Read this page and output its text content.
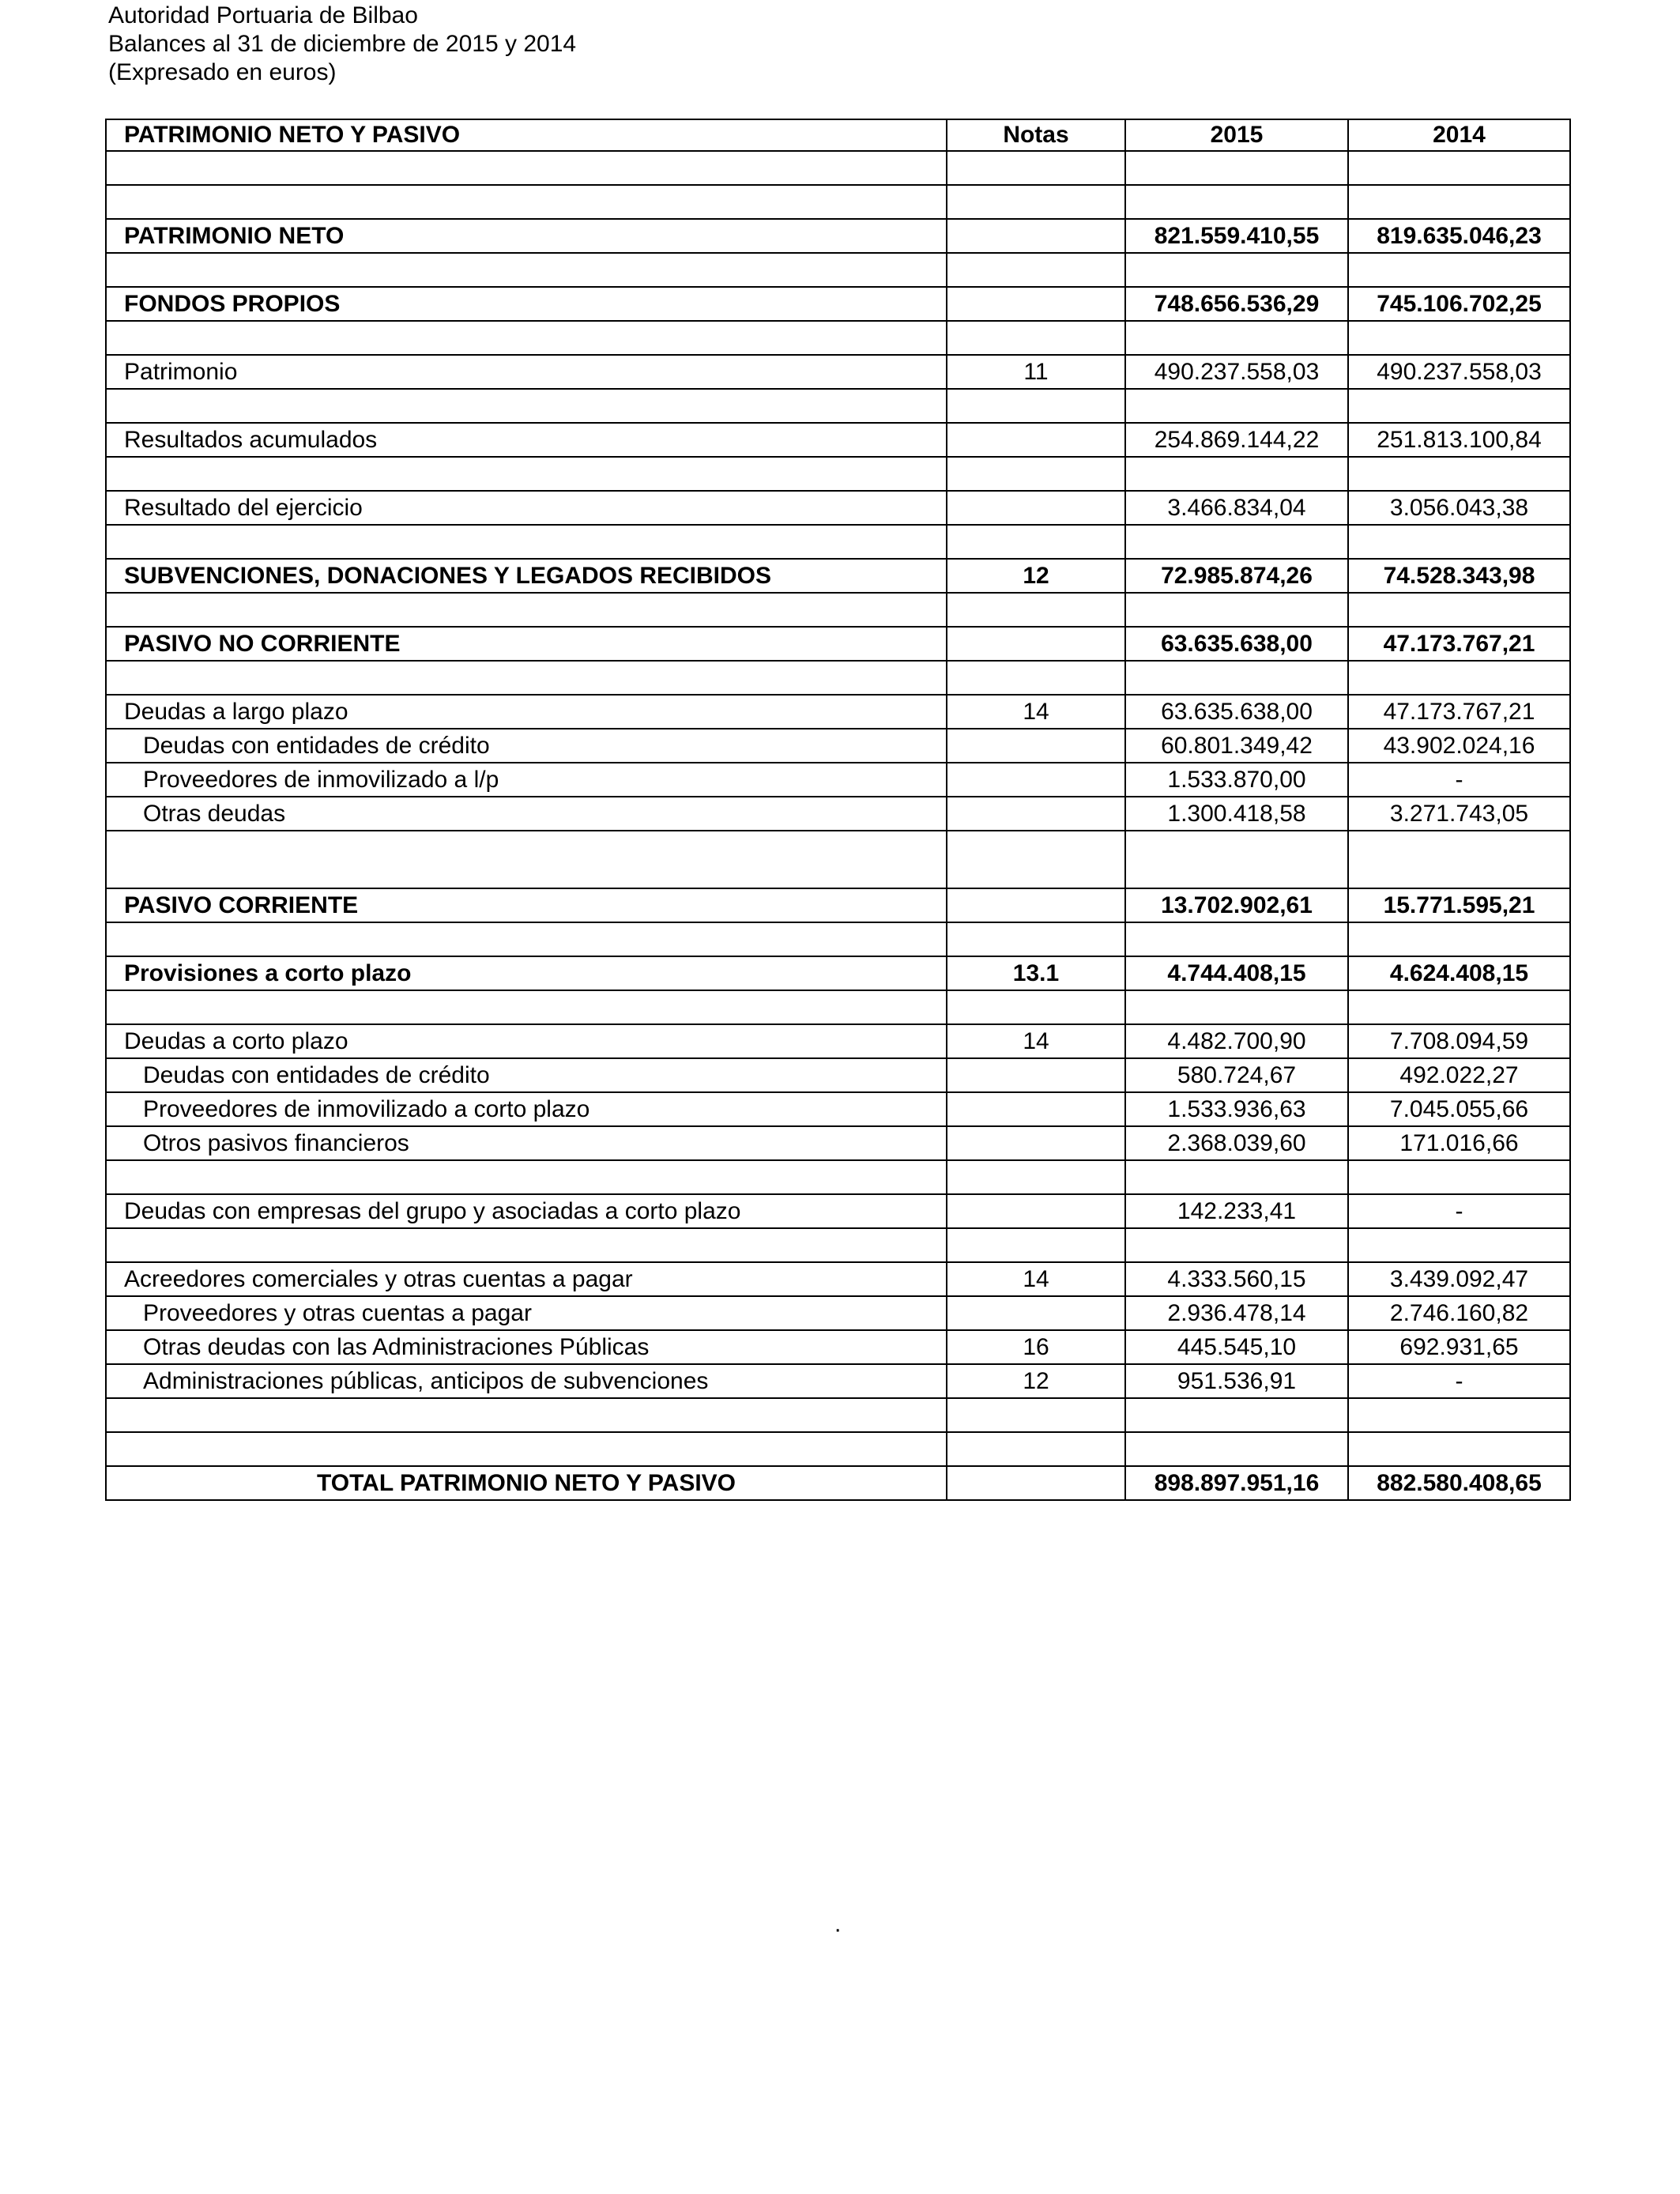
Autoridad Portuaria de Bilbao
Balances al 31 de diciembre de 2015 y 2014
(Expresado en euros)
PATRIMONIO NETO Y PASIVO	Notas	2015	2014

PATRIMONIO NETO		821.559.410,55	819.635.046,23

FONDOS PROPIOS		748.656.536,29	745.106.702,25

Patrimonio	11	490.237.558,03	490.237.558,03

Resultados acumulados		254.869.144,22	251.813.100,84

Resultado del ejercicio		3.466.834,04	3.056.043,38

SUBVENCIONES, DONACIONES Y LEGADOS RECIBIDOS	12	72.985.874,26	74.528.343,98

PASIVO NO CORRIENTE		63.635.638,00	47.173.767,21

Deudas a largo plazo	14	63.635.638,00	47.173.767,21
Deudas con entidades de crédito		60.801.349,42	43.902.024,16
Proveedores de inmovilizado a l/p		1.533.870,00	-
Otras deudas		1.300.418,58	3.271.743,05

PASIVO CORRIENTE		13.702.902,61	15.771.595,21

Provisiones a corto plazo	13.1	4.744.408,15	4.624.408,15

Deudas a corto plazo	14	4.482.700,90	7.708.094,59
Deudas con entidades de crédito		580.724,67	492.022,27
Proveedores de inmovilizado a corto plazo		1.533.936,63	7.045.055,66
Otros pasivos financieros		2.368.039,60	171.016,66

Deudas con empresas del grupo y asociadas a corto plazo		142.233,41	-

Acreedores comerciales y otras cuentas a pagar	14	4.333.560,15	3.439.092,47
Proveedores y otras cuentas a pagar		2.936.478,14	2.746.160,82
Otras deudas con las Administraciones Públicas	16	445.545,10	692.931,65
Administraciones públicas, anticipos de subvenciones	12	951.536,91	-

TOTAL PATRIMONIO NETO Y PASIVO		898.897.951,16	882.580.408,65
.
